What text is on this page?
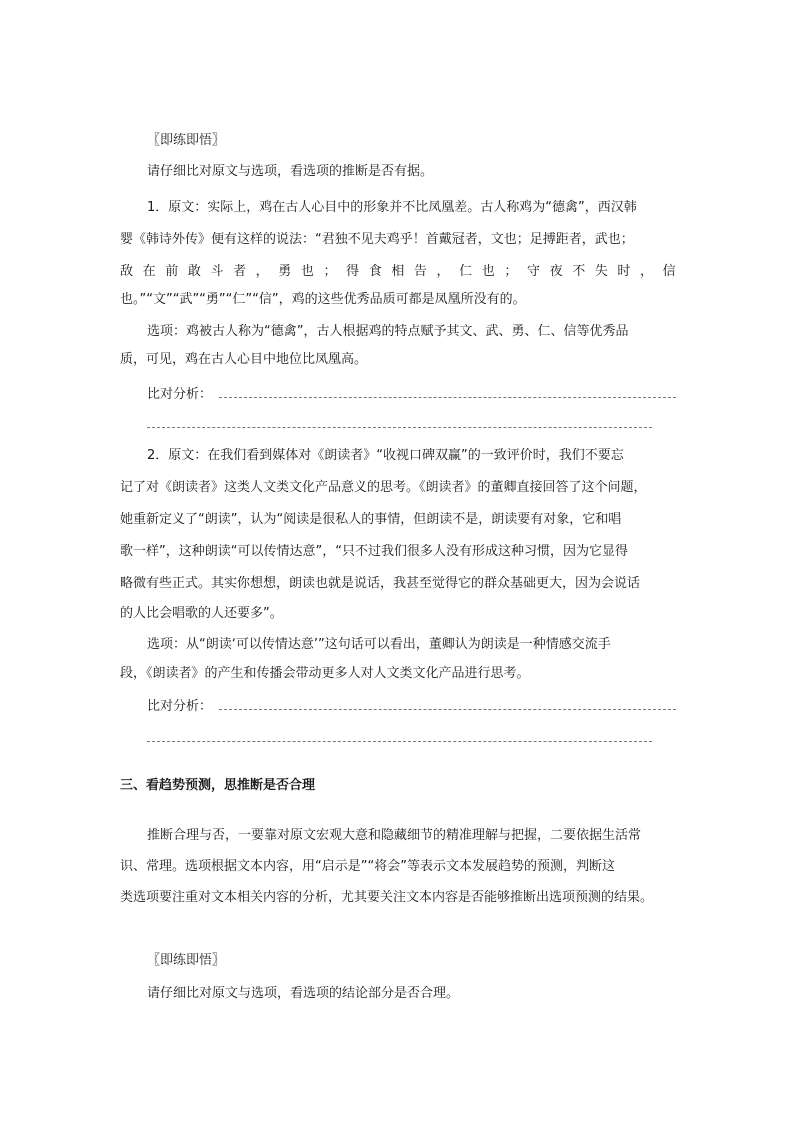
〖即练即悟〗
请仔细比对原文与选项，看选项的推断是否有据。
1．原文：实际上，鸡在古人心目中的形象并不比凤凰差。古人称鸡为“德禽”，西汉韩
婴《韩诗外传》便有这样的说法：“君独不见夫鸡乎！首戴冠者，文也；足搏距者，武也；
敌 在 前 敢 斗 者 ， 勇 也 ； 得 食 相 告 ， 仁 也 ； 守 夜 不 失 时 ， 信
也。”“文”“武”“勇”“仁”“信”，鸡的这些优秀品质可都是凤凰所没有的。
选项：鸡被古人称为“德禽”，古人根据鸡的特点赋予其文、武、勇、仁、信等优秀品
质，可见，鸡在古人心目中地位比凤凰高。
比对分析：
2．原文：在我们看到媒体对《朗读者》“收视口碑双赢”的一致评价时，我们不要忘
记了对《朗读者》这类人文类文化产品意义的思考。《朗读者》的董卿直接回答了这个问题，
她重新定义了“朗读”，认为“阅读是很私人的事情，但朗读不是，朗读要有对象，它和唱
歌一样”，这种朗读“可以传情达意”，“只不过我们很多人没有形成这种习惯，因为它显得
略微有些正式。其实你想想，朗读也就是说话，我甚至觉得它的群众基础更大，因为会说话
的人比会唱歌的人还要多”。
选项：从“朗读‘可以传情达意’”这句话可以看出，董卿认为朗读是一种情感交流手
段，《朗读者》的产生和传播会带动更多人对人文类文化产品进行思考。
比对分析：
三、看趋势预测，思推断是否合理
推断合理与否，一要靠对原文宏观大意和隐藏细节的精准理解与把握，二要依据生活常
识、常理。选项根据文本内容，用“启示是”“将会”等表示文本发展趋势的预测，判断这
类选项要注重对文本相关内容的分析，尤其要关注文本内容是否能够推断出选项预测的结果。
〖即练即悟〗
请仔细比对原文与选项，看选项的结论部分是否合理。
